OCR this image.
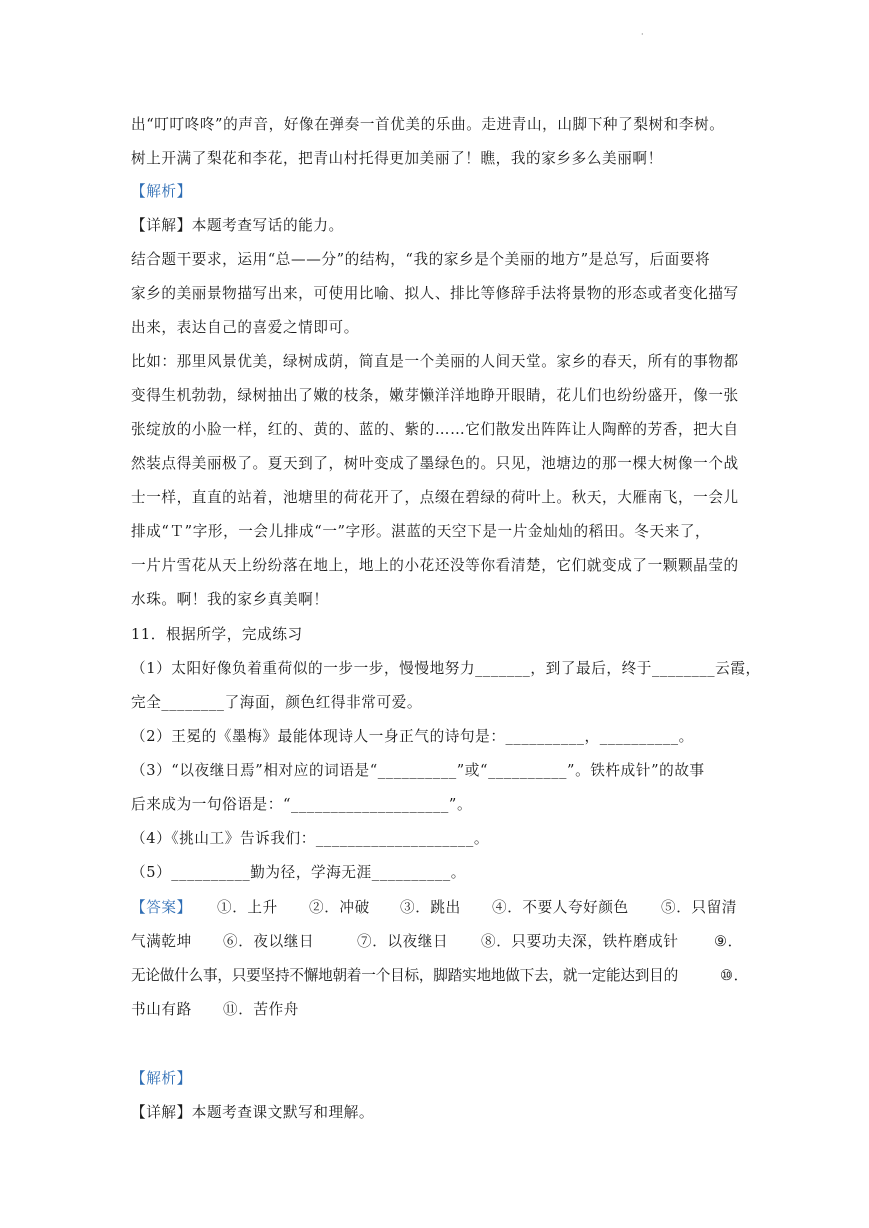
·
出“叮叮咚咚”的声音，好像在弹奏一首优美的乐曲。走进青山，山脚下种了梨树和李树。
树上开满了梨花和李花，把青山村托得更加美丽了！瞧，我的家乡多么美丽啊！
【解析】
【详解】本题考查写话的能力。
结合题干要求，运用“总——分”的结构，“我的家乡是个美丽的地方”是总写，后面要将
家乡的美丽景物描写出来，可使用比喻、拟人、排比等修辞手法将景物的形态或者变化描写
出来，表达自己的喜爱之情即可。
比如：那里风景优美，绿树成荫，简直是一个美丽的人间天堂。家乡的春天，所有的事物都
变得生机勃勃，绿树抽出了嫩的枝条，嫩芽懒洋洋地睁开眼睛，花儿们也纷纷盛开，像一张
张绽放的小脸一样，红的、黄的、蓝的、紫的……它们散发出阵阵让人陶醉的芳香，把大自
然装点得美丽极了。夏天到了，树叶变成了墨绿色的。只见，池塘边的那一棵大树像一个战
士一样，直直的站着，池塘里的荷花开了，点缀在碧绿的荷叶上。秋天，大雁南飞，一会儿
排成“Ｔ”字形，一会儿排成“一”字形。湛蓝的天空下是一片金灿灿的稻田。冬天来了，
一片片雪花从天上纷纷落在地上，地上的小花还没等你看清楚，它们就变成了一颗颗晶莹的
水珠。啊！我的家乡真美啊！
11．根据所学，完成练习
（1）太阳好像负着重荷似的一步一步，慢慢地努力_______，到了最后，终于________云霞，
完全________了海面，颜色红得非常可爱。
（2）王冕的《墨梅》最能体现诗人一身正气的诗句是：__________，__________。
（3）“以夜继日焉”相对应的词语是“__________”或“__________”。铁杵成针”的故事
后来成为一句俗语是：“____________________”。
（4）《挑山工》告诉我们：____________________。
（5）__________勤为径，学海无涯__________。
【答案】 ①．上升 ②．冲破 ③．跳出 ④．不要人夸好颜色 ⑤．只留清
气满乾坤 ⑥．夜以继日	⑦．以夜继日 ⑧．只要功夫深，铁杵磨成针 ⑨．
无论做什么事，只要坚持不懈地朝着一个目标，脚踏实地地做下去，就一定能达到目的	⑩．
书山有路 ⑪．苦作舟
【解析】
【详解】本题考查课文默写和理解。
